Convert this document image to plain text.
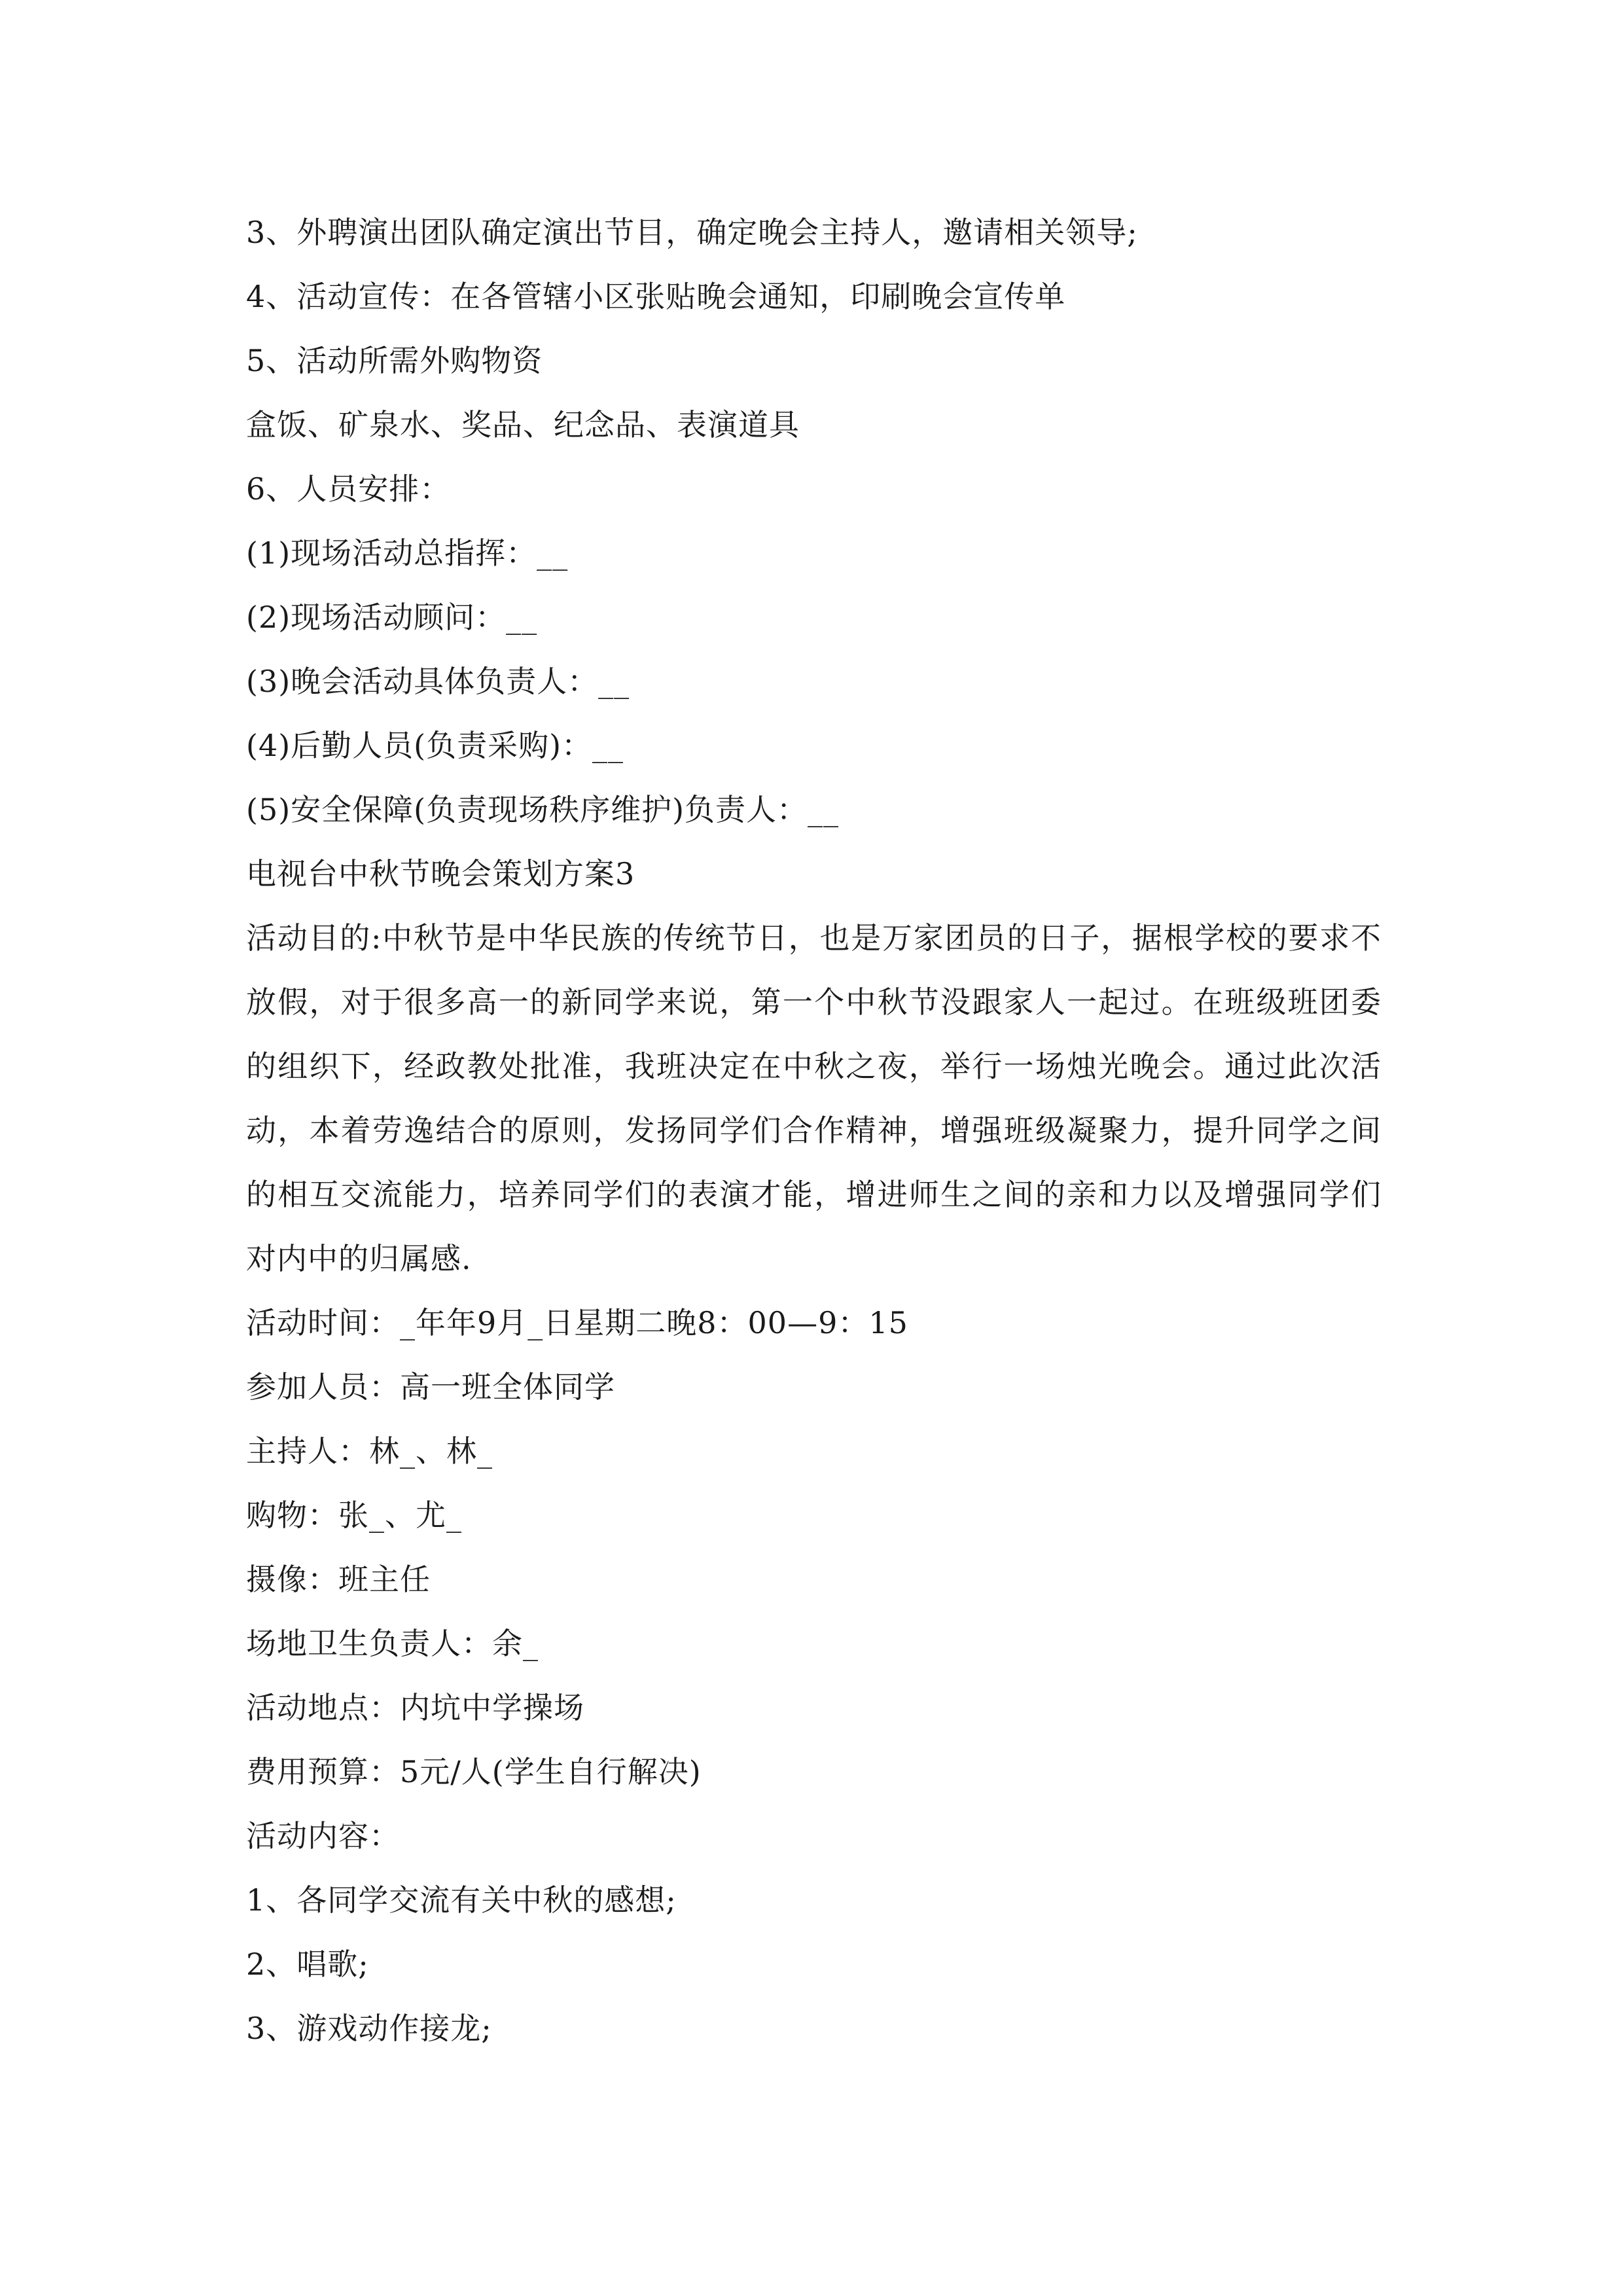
3、外聘演出团队确定演出节目，确定晚会主持人，邀请相关领导;
4、活动宣传：在各管辖小区张贴晚会通知，印刷晚会宣传单
5、活动所需外购物资
盒饭、矿泉水、奖品、纪念品、表演道具
6、人员安排：
(1)现场活动总指挥：__
(2)现场活动顾问：__
(3)晚会活动具体负责人：__
(4)后勤人员(负责采购)：__
(5)安全保障(负责现场秩序维护)负责人：__
电视台中秋节晚会策划方案3
活动目的:中秋节是中华民族的传统节日，也是万家团员的日子，据根学校的要求不放假，对于很多高一的新同学来说，第一个中秋节没跟家人一起过。在班级班团委的组织下，经政教处批准，我班决定在中秋之夜，举行一场烛光晚会。通过此次活动，本着劳逸结合的原则，发扬同学们合作精神，增强班级凝聚力，提升同学之间的相互交流能力，培养同学们的表演才能，增进师生之间的亲和力以及增强同学们对内中的归属感.
活动时间：_年年9月_日星期二晚8：00—9：15
参加人员：高一班全体同学
主持人：林_、林_
购物：张_、尤_
摄像：班主任
场地卫生负责人：余_
活动地点：内坑中学操场
费用预算：5元/人(学生自行解决)
活动内容：
1、各同学交流有关中秋的感想;
2、唱歌;
3、游戏动作接龙;
